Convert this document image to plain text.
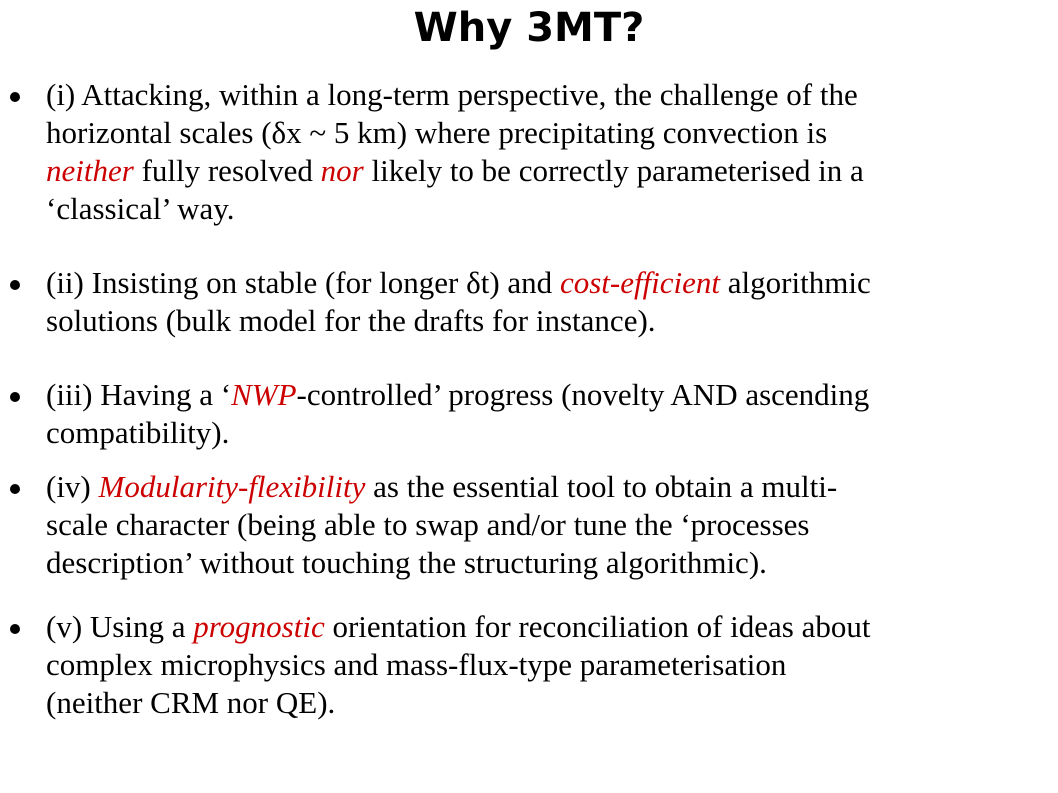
Why 3MT?
(i) Attacking, within a long-term perspective, the challenge of the
horizontal scales (δx ~ 5 km) where precipitating convection is
neither fully resolved nor likely to be correctly parameterised in a
‘classical’ way.
(ii) Insisting on stable (for longer δt) and cost-efficient algorithmic
solutions (bulk model for the drafts for instance).
(iii) Having a ‘NWP-controlled’ progress (novelty AND ascending
compatibility).
(iv) Modularity-flexibility as the essential tool to obtain a multi-
scale character (being able to swap and/or tune the ‘processes
description’ without touching the structuring algorithmic).
(v) Using a prognostic orientation for reconciliation of ideas about
complex microphysics and mass-flux-type parameterisation
(neither CRM nor QE).
